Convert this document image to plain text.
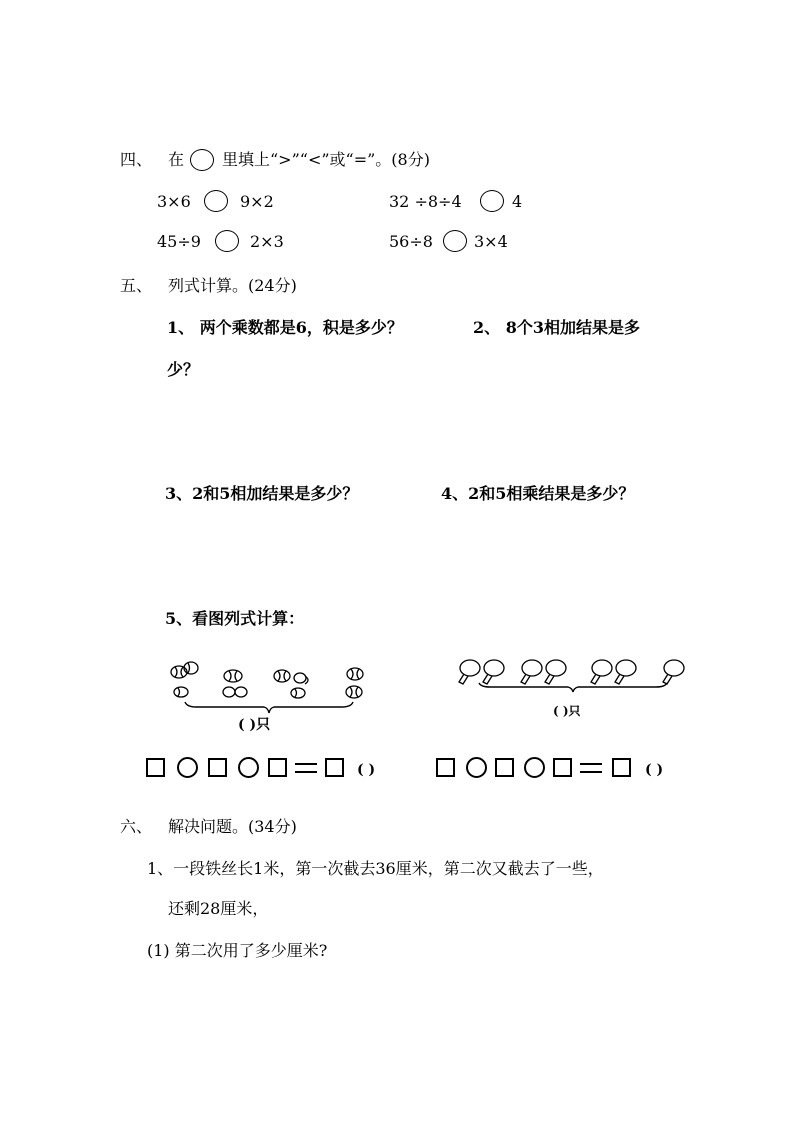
四、 在 里填上“>”“<”或“=”。(8分)
3×6	9×2	32 ÷8÷4	4
45÷9	2×3	56÷8	3×4
五、 列式计算。(24分)
1、 两个乘数都是6，积是多少？	2、 8个3相加结果是多
少？
3、2和5相加结果是多少？	4、2和5相乘结果是多少？
5、看图列式计算：
( )只
( )只
( )	( )
六、 解决问题。(34分)
1、一段铁丝长1米，第一次截去36厘米，第二次又截去了一些，
还剩28厘米，
(1) 第二次用了多少厘米?
